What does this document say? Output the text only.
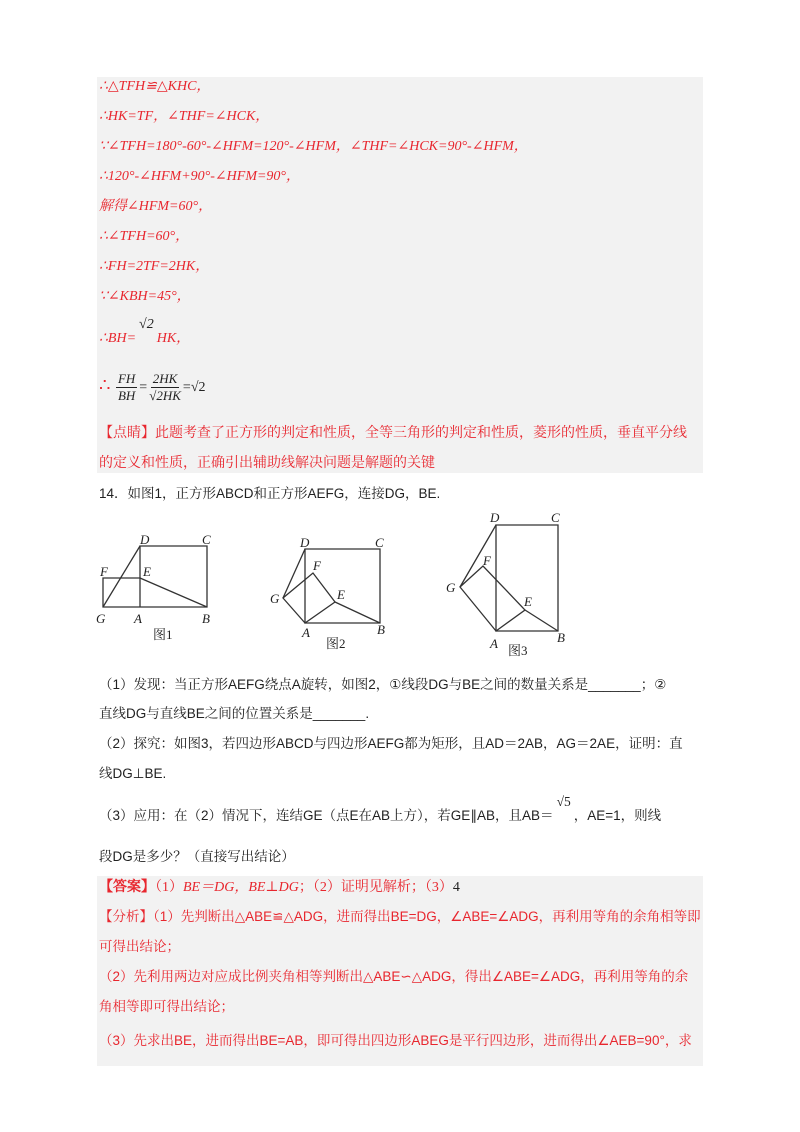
∴△TFH≌△KHC，
∴HK=TF，∠THF=∠HCK，
∵∠TFH=180°-60°-∠HFM=120°-∠HFM，∠THF=∠HCK=90°-∠HFM，
∴120°-∠HFM+90°-∠HFM=90°，
解得∠HFM=60°，
∴∠TFH=60°，
∴FH=2TF=2HK，
∵∠KBH=45°，
∴BH=√2HK，
∴ $\frac{FH}{BH} = \frac{2HK}{√2HK} =√2$
【点睛】此题考查了正方形的判定和性质，全等三角形的判定和性质，菱形的性质，垂直平分线
的定义和性质，正确引出辅助线解决问题是解题的关键
14．如图1，正方形ABCD和正方形AEFG，连接DG，BE.
D	C
E
F
G A	B
图1
D	C
E
F
G
A	B
图2
D	C
E
F
G
A	B
图3
（1）发现：当正方形AEFG绕点A旋转，如图2，①线段DG与BE之间的数量关系是_______；②
直线DG与直线BE之间的位置关系是_______.
（2）探究：如图3，若四边形ABCD与四边形AEFG都为矩形，且AD＝2AB，AG＝2AE，证明：直
线DG⊥BE.
（3）应用：在（2）情况下，连结GE（点E在AB上方），若GE∥AB，且AB＝√5，AE=1，则线
段DG是多少？（直接写出结论）
【答案】（1）BE＝DG，BE⊥DG；（2）证明见解析；（3）4
【分析】（1）先判断出△ABE≌△ADG，进而得出BE=DG，∠ABE=∠ADG，再利用等角的余角相等即
可得出结论；
（2）先利用两边对应成比例夹角相等判断出△ABE∽△ADG，得出∠ABE=∠ADG，再利用等角的余
角相等即可得出结论；
（3）先求出BE，进而得出BE=AB，即可得出四边形ABEG是平行四边形，进而得出∠AEB=90°，求
